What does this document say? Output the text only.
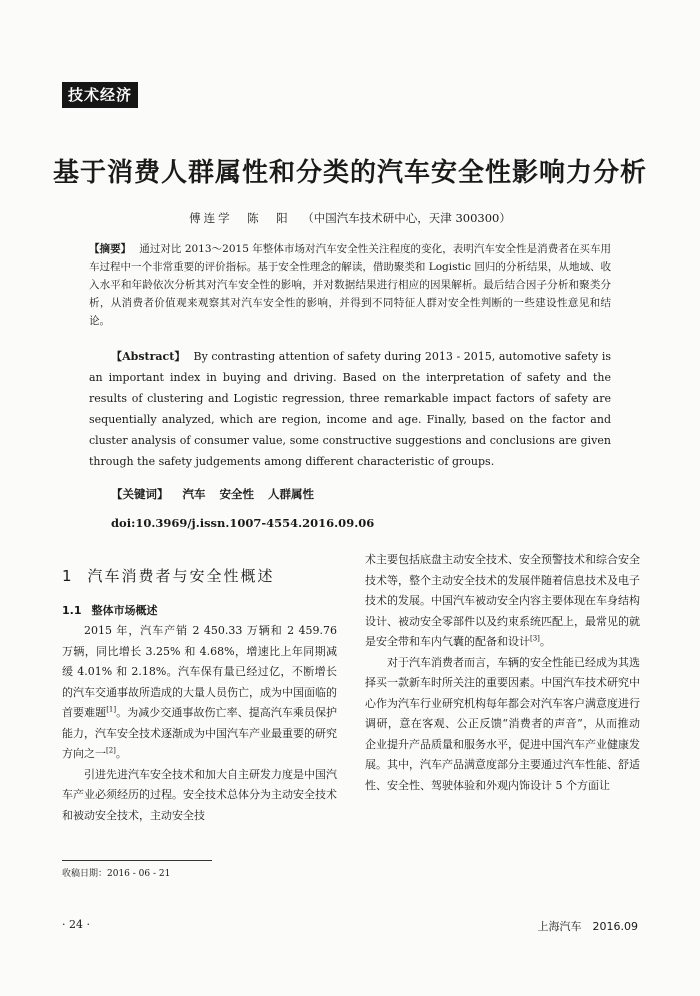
技术经济
基于消费人群属性和分类的汽车安全性影响力分析
傅连学　陈　阳 （中国汽车技术研中心，天津 300300）

【摘要】 通过对比 2013～2015 年整体市场对汽车安全性关注程度的变化，表明汽车安全性是消费者在买车用车过程中一个非常重要的评价指标。基于安全性理念的解读，借助聚类和 Logistic 回归的分析结果，从地域、收入水平和年龄依次分析其对汽车安全性的影响，并对数据结果进行相应的因果解析。最后结合因子分析和聚类分析，从消费者价值观来观察其对汽车安全性的影响，并得到不同特征人群对安全性判断的一些建设性意见和结论。

【Abstract】 By contrasting attention of safety during 2013 - 2015, automotive safety is an important index in buying and driving. Based on the interpretation of safety and the results of clustering and Logistic regression, three remarkable impact factors of safety are sequentially analyzed, which are region, income and age. Finally, based on the factor and cluster analysis of consumer value, some constructive suggestions and conclusions are given through the safety judgements among different characteristic of groups.

【关键词】 汽车 安全性 人群属性
doi:10.3969/j.issn.1007-4554.2016.09.06

1 汽车消费者与安全性概述

1.1 整体市场概述

2015 年，汽车产销 2 450.33 万辆和 2 459.76 万辆，同比增长 3.25% 和 4.68%，增速比上年同期减缓 4.01% 和 2.18%。汽车保有量已经过亿，不断增长的汽车交通事故所造成的大量人员伤亡，成为中国面临的首要难题[1]。为减少交通事故伤亡率、提高汽车乘员保护能力，汽车安全技术逐渐成为中国汽车产业最重要的研究方向之一[2]。

引进先进汽车安全技术和加大自主研发力度是中国汽车产业必须经历的过程。安全技术总体分为主动安全技术和被动安全技术，主动安全技

术主要包括底盘主动安全技术、安全预警技术和综合安全技术等，整个主动安全技术的发展伴随着信息技术及电子技术的发展。中国汽车被动安全内容主要体现在车身结构设计、被动安全零部件以及约束系统匹配上，最常见的就是安全带和车内气囊的配备和设计[3]。

对于汽车消费者而言，车辆的安全性能已经成为其选择买一款新车时所关注的重要因素。中国汽车技术研究中心作为汽车行业研究机构每年都会对汽车客户满意度进行调研，意在客观、公正反馈“消费者的声音”，从而推动企业提升产品质量和服务水平，促进中国汽车产业健康发展。其中，汽车产品满意度部分主要通过汽车性能、舒适性、安全性、驾驶体验和外观内饰设计 5 个方面让

收稿日期：2016 - 06 - 21
· 24 ·	上海汽车　2016.09
